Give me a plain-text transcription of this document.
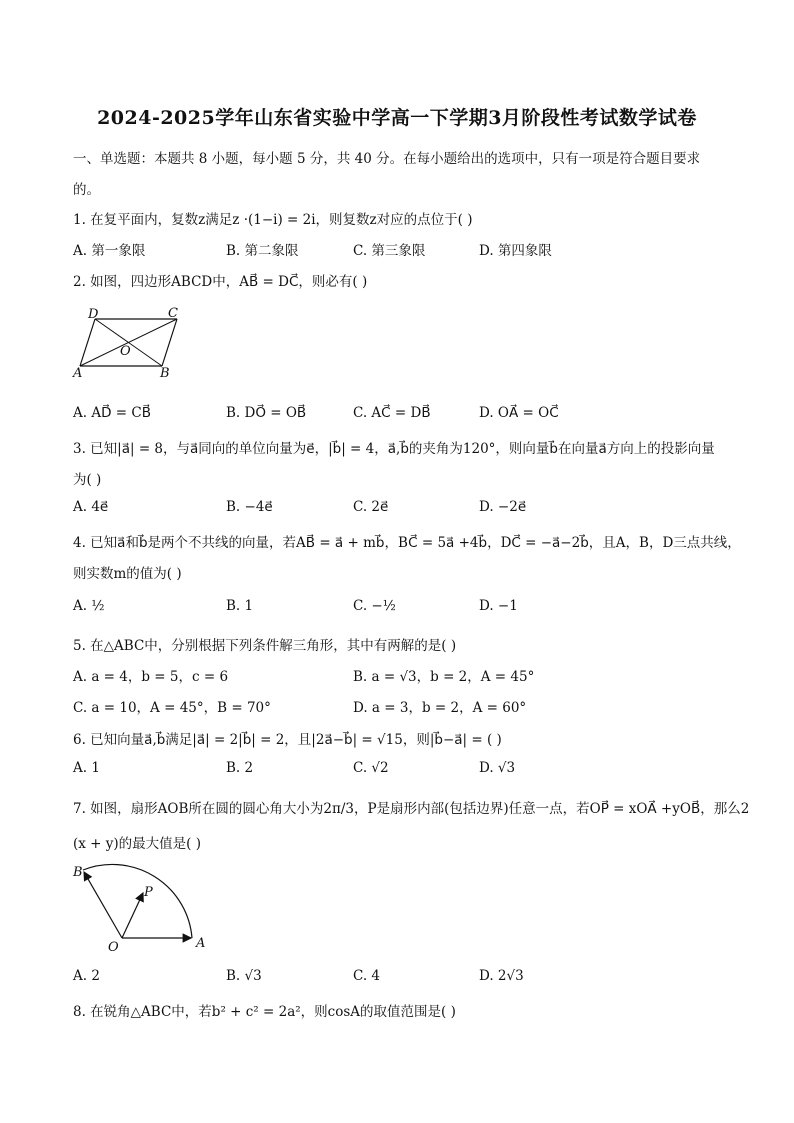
2024-2025学年山东省实验中学高一下学期3月阶段性考试数学试卷
一、单选题：本题共 8 小题，每小题 5 分，共 40 分。在每小题给出的选项中，只有一项是符合题目要求
的。
1. 在复平面内，复数z满足z ·(1−i) = 2i，则复数z对应的点位于( )
A. 第一象限	B. 第二象限	C. 第三象限	D. 第四象限
2. 如图，四边形ABCD中，AB⃗ = DC⃗，则必有( )
D	C
O
A	B
A. AD⃗ = CB⃗	B. DO⃗ = OB⃗	C. AC⃗ = DB⃗	D. OA⃗ = OC⃗
3. 已知|a⃗| = 8，与a⃗同向的单位向量为e⃗，|b⃗| = 4，a⃗,b⃗的夹角为120°，则向量b⃗在向量a⃗方向上的投影向量
为( )
A. 4e⃗	B. −4e⃗	C. 2e⃗	D. −2e⃗
4. 已知a⃗和b⃗是两个不共线的向量，若AB⃗ = a⃗ + mb⃗，BC⃗ = 5a⃗ +4b⃗，DC⃗ = −a⃗−2b⃗，且A，B，D三点共线，
则实数m的值为( )
A. ½	B. 1	C. −½	D. −1
5. 在△ABC中，分别根据下列条件解三角形，其中有两解的是( )
A. a = 4，b = 5，c = 6	B. a = √3，b = 2，A = 45°
C. a = 10，A = 45°，B = 70°	D. a = 3，b = 2，A = 60°
6. 已知向量a⃗,b⃗满足|a⃗| = 2|b⃗| = 2，且|2a⃗−b⃗| = √15，则|b⃗−a⃗| = ( )
A. 1	B. 2	C. √2	D. √3
7. 如图，扇形AOB所在圆的圆心角大小为2π/3，P是扇形内部(包括边界)任意一点，若OP⃗ = xOA⃗ +yOB⃗，那么2
(x + y)的最大值是( )
B
P
O	A
A. 2	B. √3	C. 4	D. 2√3
8. 在锐角△ABC中，若b² + c² = 2a²，则cosA的取值范围是( )
